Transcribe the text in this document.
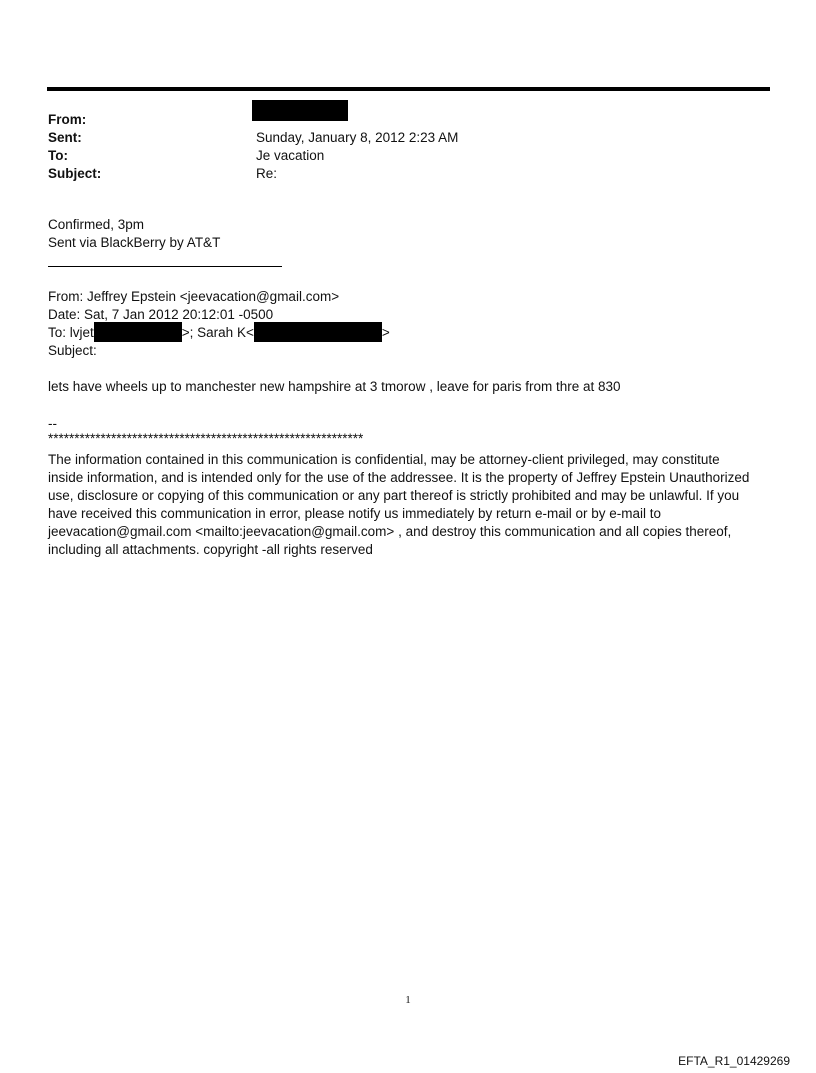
From:
Sent:	Sunday, January 8, 2012 2:23 AM
To:	Je vacation
Subject:	Re:
Confirmed, 3pm
Sent via BlackBerry by AT&T
From: Jeffrey Epstein <jeevacation@gmail.com>
Date: Sat, 7 Jan 2012 20:12:01 -0500
To: lvjet	>; Sarah K<	>
Subject:
lets have wheels up to manchester new hampshire at 3 tmorow , leave for paris from thre at 830
--
************************************************************
The information contained in this communication is confidential, may be attorney-client privileged, may constitute inside information, and is intended only for the use of the addressee. It is the property of Jeffrey Epstein Unauthorized use, disclosure or copying of this communication or any part thereof is strictly prohibited and may be unlawful. If you have received this communication in error, please notify us immediately by return e-mail or by e-mail to jeevacation@gmail.com <mailto:jeevacation@gmail.com> , and destroy this communication and all copies thereof, including all attachments. copyright -all rights reserved
1
EFTA_R1_01429269
